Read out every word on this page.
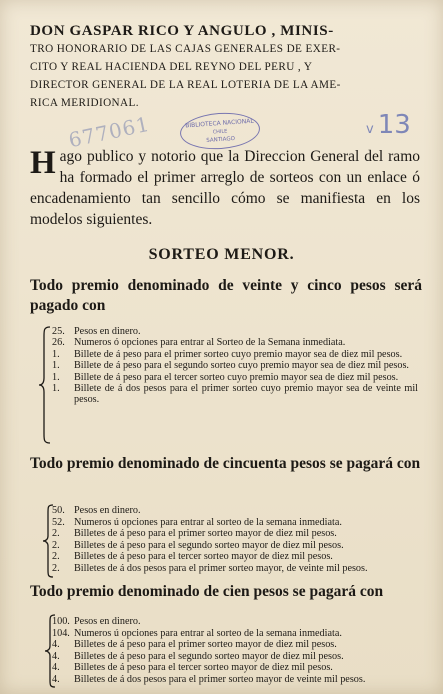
DON GASPAR RICO Y ANGULO , MINIS-
TRO HONORARIO DE LAS CAJAS GENERALES DE EXER-
CITO Y REAL HACIENDA DEL REYNO DEL PERU , Y
DIRECTOR GENERAL DE LA REAL LOTERIA DE LA AME-
RICA MERIDIONAL.
677061	BIBLIOTECA NACIONAL
CHILE
SANTIAGO
v 13
Hago publico y notorio que la Direccion General del ramo ha formado el primer arreglo de sorteos con un enlace ó encadenamiento tan sencillo cómo se manifiesta en los modelos siguientes.
SORTEO MENOR.
Todo premio denominado de veinte y cinco pesos será pagado con
25. Pesos en dinero.
26. Numeros ó opciones para entrar al Sorteo de la Semana inmediata.
1. Billete de á peso para el primer sorteo cuyo premio mayor sea de diez mil pesos.
1. Billete de á peso para el segundo sorteo cuyo premio mayor sea de diez mil pesos.
1. Billete de á peso para el tercer sorteo cuyo premio mayor sea de diez mil pesos.
1. Billete de á dos pesos para el primer sorteo cuyo premio mayor sea de veinte mil pesos.
Todo premio denominado de cincuenta pesos se pagará con
50. Pesos en dinero.
52. Numeros ú opciones para entrar al sorteo de la semana inmediata.
2. Billetes de á peso para el primer sorteo mayor de diez mil pesos.
2. Billetes de á peso para el segundo sorteo mayor de diez mil pesos.
2. Billetes de á peso para el tercer sorteo mayor de diez mil pesos.
2. Billetes de á dos pesos para el primer sorteo mayor, de veinte mil pesos.
Todo premio denominado de cien pesos se pagará con
100. Pesos en dinero.
104. Numeros ú opciones para entrar al sorteo de la semana inmediata.
4. Billetes de á peso para el primer sorteo mayor de diez mil pesos.
4. Billetes de á peso para el segundo sorteo mayor de diez mil pesos.
4. Billetes de á peso para el tercer sorteo mayor de diez mil pesos.
4. Billetes de á dos pesos para el primer sorteo mayor de veinte mil pesos.
